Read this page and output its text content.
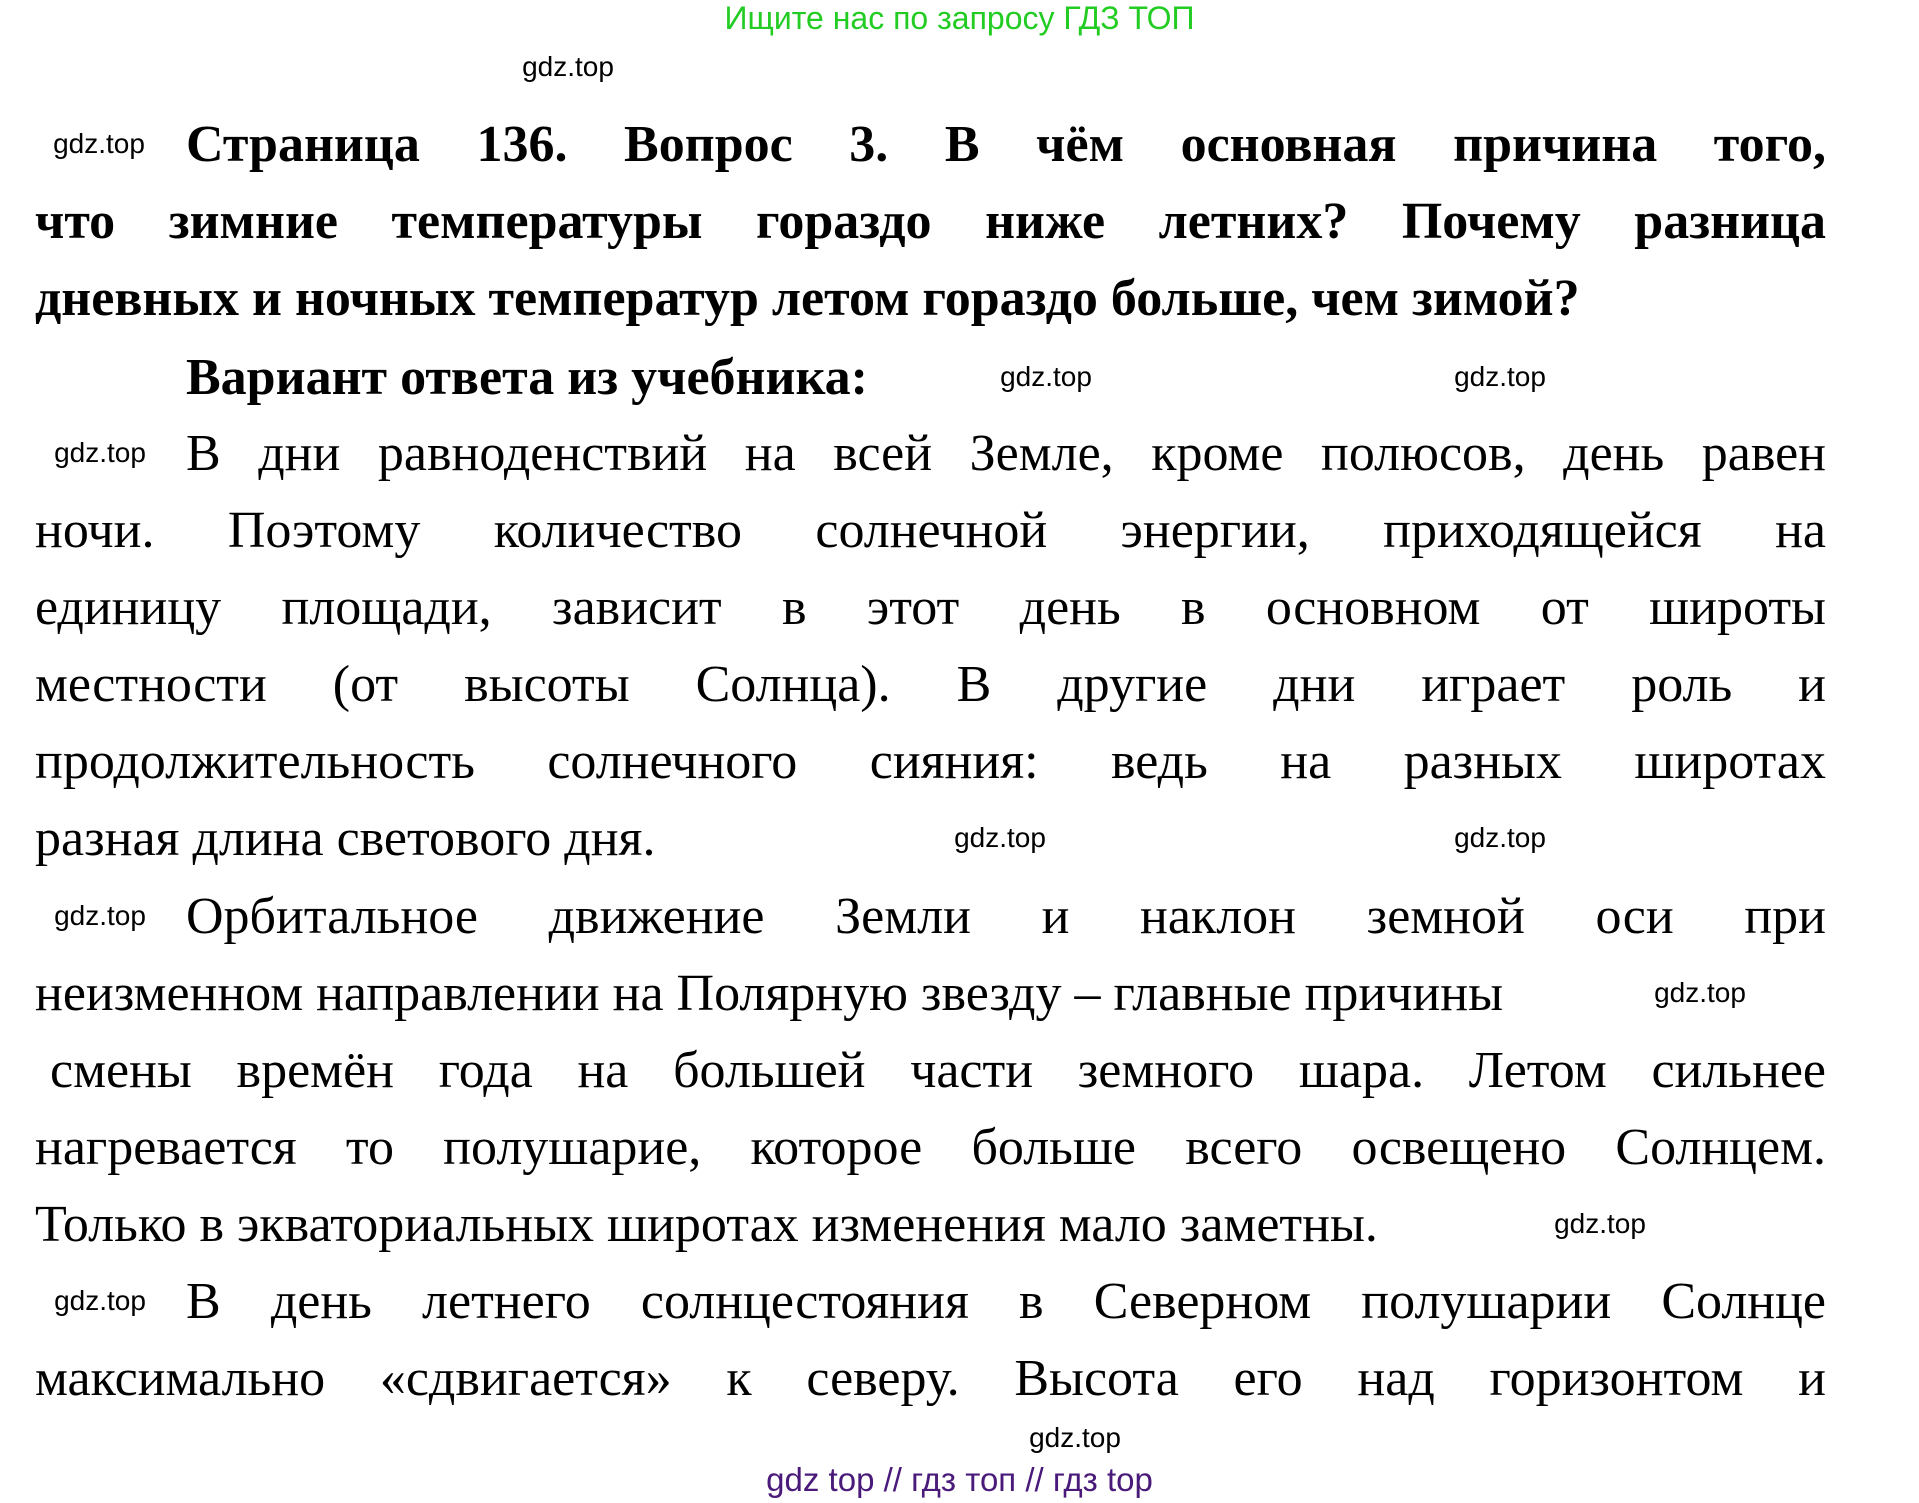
Ищите нас по запросу ГДЗ ТОП
Страница 136. Вопрос 3. В чём основная причина того,
что зимние температуры гораздо ниже летних? Почему разница
дневных и ночных температур летом гораздо больше, чем зимой?
Вариант ответа из учебника:
В дни равноденствий на всей Земле, кроме полюсов, день равен
ночи. Поэтому количество солнечной энергии, приходящейся на
единицу площади, зависит в этот день в основном от широты
местности (от высоты Солнца). В другие дни играет роль и
продолжительность солнечного сияния: ведь на разных широтах
разная длина светового дня.
Орбитальное движение Земли и наклон земной оси при
неизменном направлении на Полярную звезду – главные причины
смены времён года на большей части земного шара. Летом сильнее
нагревается то полушарие, которое больше всего освещено Солнцем.
Только в экваториальных широтах изменения мало заметны.
В день летнего солнцестояния в Северном полушарии Солнце
максимально «сдвигается» к северу. Высота его над горизонтом и
gdz.top
gdz.top
gdz.top
gdz.top
gdz.top
gdz.top	gdz.top
gdz.top
gdz.top
gdz.top
gdz.top
gdz.top
gdz top // гдз топ // гдз top
